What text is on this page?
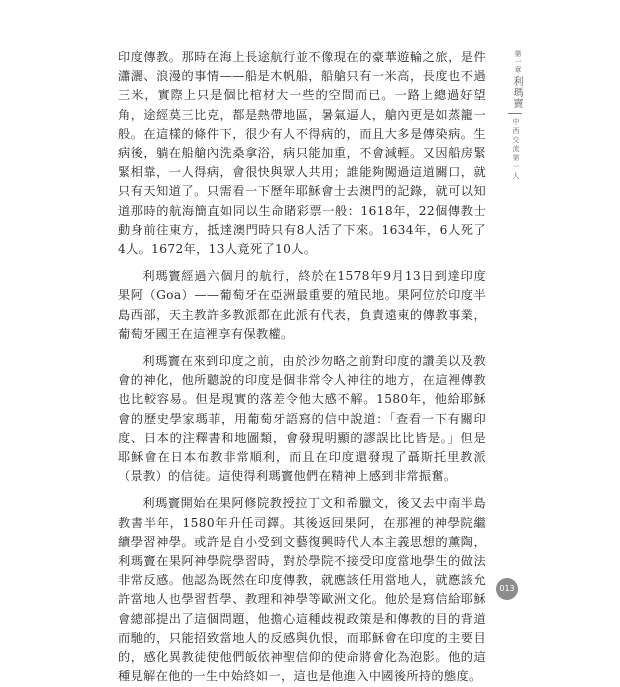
印度傳教。那時在海上長途航行並不像現在的豪華遊輪之旅，是件瀟灑、浪漫的事情——船是木帆船，船艙只有一米高，長度也不過三米，實際上只是個比棺材大一些的空間而已。一路上總過好望角，途經莫三比克，都是熱帶地區，暑氣逼人，艙內更是如蒸籠一般。在這樣的條件下，很少有人不得病的，而且大多是傳染病。生病後，躺在船艙內洗桑拿浴，病只能加重，不會減輕。又因船房緊緊相靠，一人得病，會很快與眾人共用；誰能夠闖過這道關口，就只有天知道了。只需看一下歷年耶穌會士去澳門的記錄，就可以知道那時的航海簡直如同以生命賭彩票一般：1618年，22個傳教士動身前往東方，抵達澳門時只有8人活了下來。1634年，6人死了4人。1672年，13人竟死了10人。

利瑪竇經過六個月的航行，終於在1578年9月13日到達印度果阿（Goa）——葡萄牙在亞洲最重要的殖民地。果阿位於印度半島西部，天主教許多教派都在此派有代表，負責遠東的傳教事業，葡萄牙國王在這裡享有保教權。

利瑪竇在來到印度之前，由於沙勿略之前對印度的讚美以及教會的神化，他所聽說的印度是個非常令人神往的地方，在這裡傳教也比較容易。但是現實的落差令他大感不解。1580年，他給耶穌會的歷史學家瑪菲，用葡萄牙語寫的信中說道：「查看一下有關印度、日本的注釋書和地圖類，會發現明顯的謬誤比比皆是。」但是耶穌會在日本布教非常順利，而且在印度還發現了聶斯托里教派（景教）的信徒。這使得利瑪竇他們在精神上感到非常振奮。

利瑪竇開始在果阿修院教授拉丁文和希臘文，後又去中南半島教書半年，1580年升任司鐸。其後返回果阿，在那裡的神學院繼續學習神學。或許是自小受到文藝復興時代人本主義思想的薰陶，利瑪竇在果阿神學院學習時，對於學院不接受印度當地學生的做法非常反感。他認為既然在印度傳教，就應該任用當地人，就應該允許當地人也學習哲學、教理和神學等歐洲文化。他於是寫信給耶穌會總部提出了這個問題，他擔心這種歧視政策是和傳教的目的背道而馳的，只能招致當地人的反感與仇恨，而耶穌會在印度的主要目的，感化異教徒使他們皈依神聖信仰的使命將會化為泡影。他的這種見解在他的一生中始終如一，這也是他進入中國後所持的態度。

第一章
利瑪竇
中西交流第一人
013
